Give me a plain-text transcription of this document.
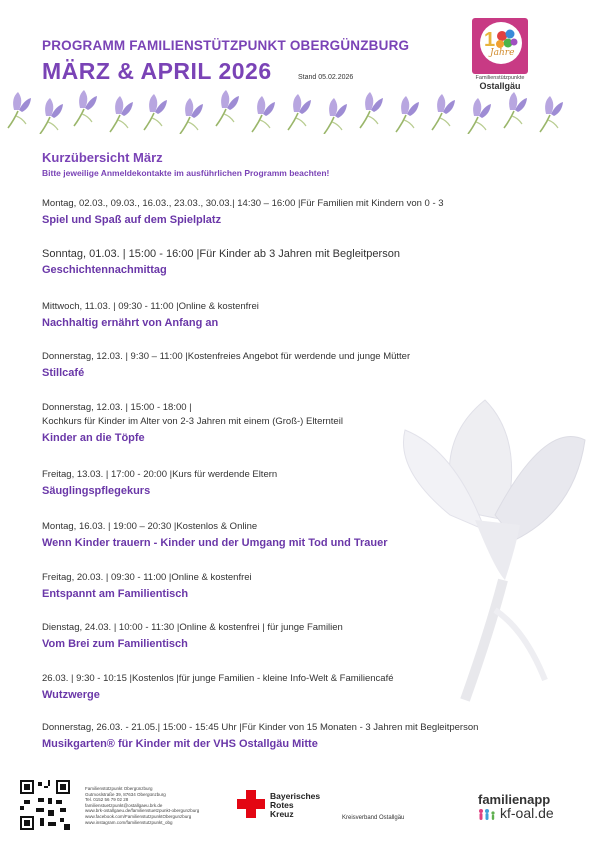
PROGRAMM FAMILIENSTÜTZPUNKT OBERGÜNZBURG
MÄRZ & APRIL 2026	Stand 05.02.2026
1
Jahre
Familienstützpunkte
Ostallgäu
Kurzübersicht März
Bitte jeweilige Anmeldekontakte im ausführlichen Programm beachten!
Montag, 02.03., 09.03., 16.03., 23.03., 30.03.| 14:30 – 16:00 |Für Familien mit Kindern von 0 - 3
Spiel und Spaß auf dem Spielplatz
Sonntag, 01.03. | 15:00 - 16:00 |Für Kinder ab 3 Jahren mit Begleitperson
Geschichtennachmittag
Mittwoch, 11.03. | 09:30 - 11:00 |Online & kostenfrei
Nachhaltig ernährt von Anfang an
Donnerstag, 12.03. | 9:30 – 11:00 |Kostenfreies Angebot für werdende und junge Mütter
Stillcafé
Donnerstag, 12.03. | 15:00 - 18:00 |
Kochkurs für Kinder im Alter von 2-3 Jahren mit einem (Groß-) Elternteil
Kinder an die Töpfe
Freitag, 13.03. | 17:00 - 20:00 |Kurs für werdende Eltern
Säuglingspflegekurs
Montag, 16.03. | 19:00 – 20:30 |Kostenlos & Online
Wenn Kinder trauern - Kinder und der Umgang mit Tod und Trauer
Freitag, 20.03. | 09:30 - 11:00 |Online & kostenfrei
Entspannt am Familientisch
Dienstag, 24.03. | 10:00 - 11:30 |Online & kostenfrei | für junge Familien
Vom Brei zum Familientisch
26.03. | 9:30 - 10:15 |Kostenlos |für junge Familien - kleine Info-Welt & Familiencafé
Wutzwerge
Donnerstag, 26.03. - 21.05.| 15:00 - 15:45 Uhr |Für Kinder von 15 Monaten - 3 Jahren mit Begleitperson
Musikgarten® für Kinder mit der VHS Ostallgäu Mitte
Familienstützpunkt Obergünzburg
Gutmoslstraße 39, 87634 Obergünzburg
Tel. 0152 56 79 02 28
familienstuetzpunkt@ostallgaeu.brk.de
www.brk-ostallgaeu.de/familienstuetzpunkt-obergunzburg
www.facebook.com/FamilienstutzpunktObergunzburg
www.instagram.com/familienstutzpunkt_obg
Bayerisches
Rotes
Kreuz	Kreisverband Ostallgäu
familienapp
kf-oal.de
